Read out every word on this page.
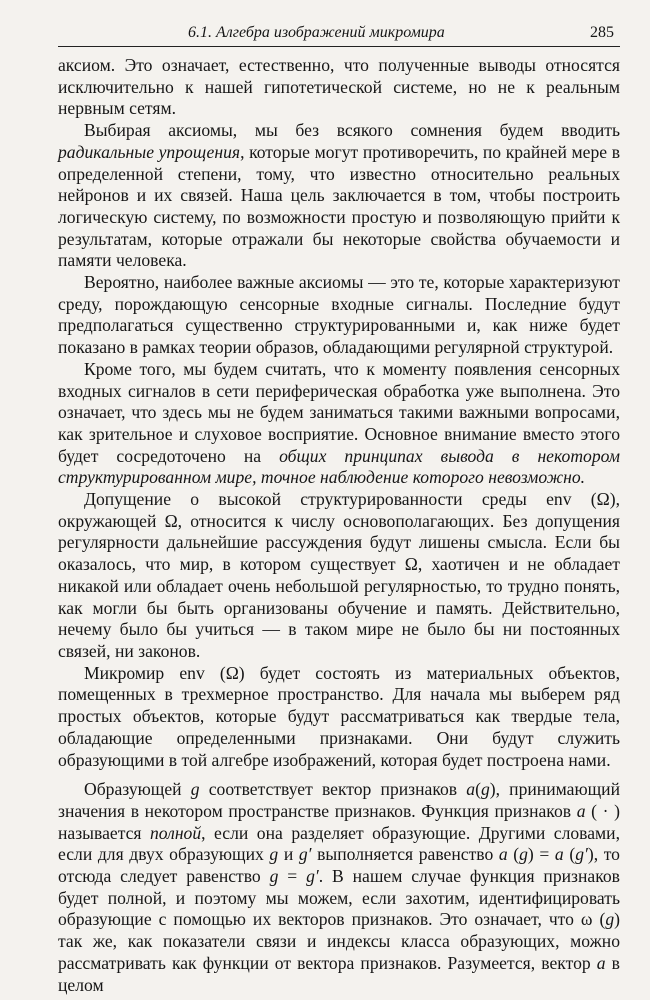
6.1. Алгебра изображений микромира	285

аксиом. Это означает, естественно, что полученные выводы относятся исключительно к нашей гипотетической системе, но не к реальным нервным сетям.

Выбирая аксиомы, мы без всякого сомнения будем вводить радикальные упрощения, которые могут противоречить, по крайней мере в определенной степени, тому, что известно относительно реальных нейронов и их связей. Наша цель заключается в том, чтобы построить логическую систему, по возможности простую и позволяющую прийти к результатам, которые отражали бы некоторые свойства обучаемости и памяти человека.

Вероятно, наиболее важные аксиомы — это те, которые характеризуют среду, порождающую сенсорные входные сигналы. Последние будут предполагаться существенно структурированными и, как ниже будет показано в рамках теории образов, обладающими регулярной структурой.

Кроме того, мы будем считать, что к моменту появления сенсорных входных сигналов в сети периферическая обработка уже выполнена. Это означает, что здесь мы не будем заниматься такими важными вопросами, как зрительное и слуховое восприятие. Основное внимание вместо этого будет сосредоточено на общих принципах вывода в некотором структурированном мире, точное наблюдение которого невозможно.

Допущение о высокой структурированности среды env (Ω), окружающей Ω, относится к числу основополагающих. Без допущения регулярности дальнейшие рассуждения будут лишены смысла. Если бы оказалось, что мир, в котором существует Ω, хаотичен и не обладает никакой или обладает очень небольшой регулярностью, то трудно понять, как могли бы быть организованы обучение и память. Действительно, нечему было бы учиться — в таком мире не было бы ни постоянных связей, ни законов.

Микромир env (Ω) будет состоять из материальных объектов, помещенных в трехмерное пространство. Для начала мы выберем ряд простых объектов, которые будут рассматриваться как твердые тела, обладающие определенными признаками. Они будут служить образующими в той алгебре изображений, которая будет построена нами.

Образующей g соответствует вектор признаков a(g), принимающий значения в некотором пространстве признаков. Функция признаков a ( · ) называется полной, если она разделяет образующие. Другими словами, если для двух образующих g и g′ выполняется равенство a (g) = a (g′), то отсюда следует равенство g = g′. В нашем случае функция признаков будет полной, и поэтому мы можем, если захотим, идентифицировать образующие с помощью их векторов признаков. Это означает, что ω (g) так же, как показатели связи и индексы класса образующих, можно рассматривать как функции от вектора признаков. Разумеется, вектор a в целом
